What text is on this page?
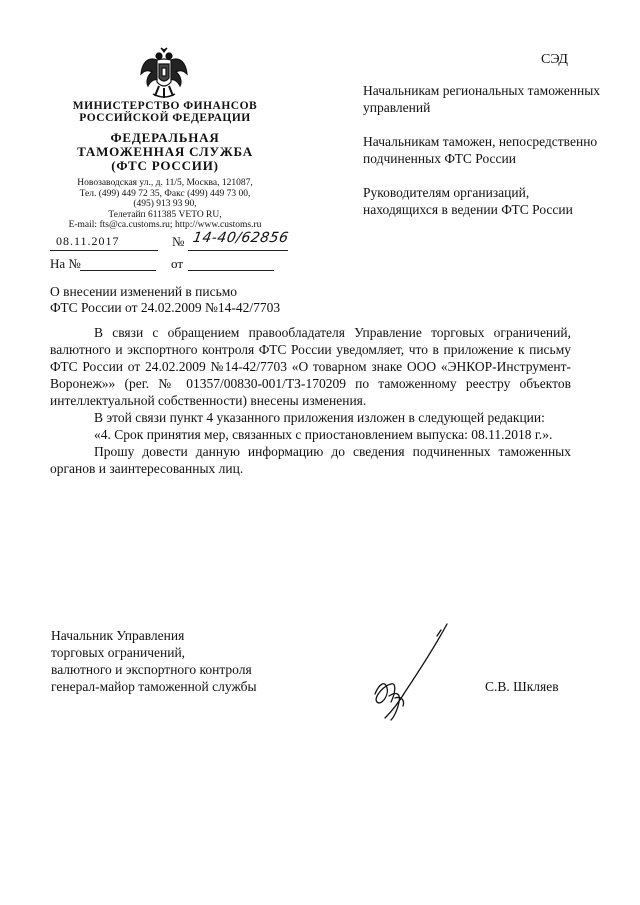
СЭД
МИНИСТЕРСТВО ФИНАНСОВ
РОССИЙСКОЙ ФЕДЕРАЦИИ
ФЕДЕРАЛЬНАЯ
ТАМОЖЕННАЯ СЛУЖБА
(ФТС РОССИИ)
Новозаводская ул., д. 11/5, Москва, 121087,
Тел. (499) 449 72 35, Факс (499) 449 73 00,
(495) 913 93 90,
Телетайп 611385 VETO RU,
E-mail: fts@ca.customs.ru; http://www.customs.ru

Начальникам региональных таможенных управлений

Начальникам таможен, непосредственно подчиненных ФТС России

Руководителям организаций, находящихся в ведении ФТС России

08.11.2017	№ 14-40/62856
На №	от
О внесении изменений в письмо
ФТС России от 24.02.2009 №14-42/7703

В связи с обращением правообладателя Управление торговых ограничений, валютного и экспортного контроля ФТС России уведомляет, что в приложение к письму ФТС России от 24.02.2009 №14-42/7703 «О товарном знаке ООО «ЭНКОР-Инструмент-Воронеж»» (рег. № 01357/00830-001/ТЗ-170209 по таможенному реестру объектов интеллектуальной собственности) внесены изменения.

В этой связи пункт 4 указанного приложения изложен в следующей редакции:

«4. Срок принятия мер, связанных с приостановлением выпуска: 08.11.2018 г.».

Прошу довести данную информацию до сведения подчиненных таможенных органов и заинтересованных лиц.

Начальник Управления
торговых ограничений,
валютного и экспортного контроля
генерал-майор таможенной службы	С.В. Шкляев
